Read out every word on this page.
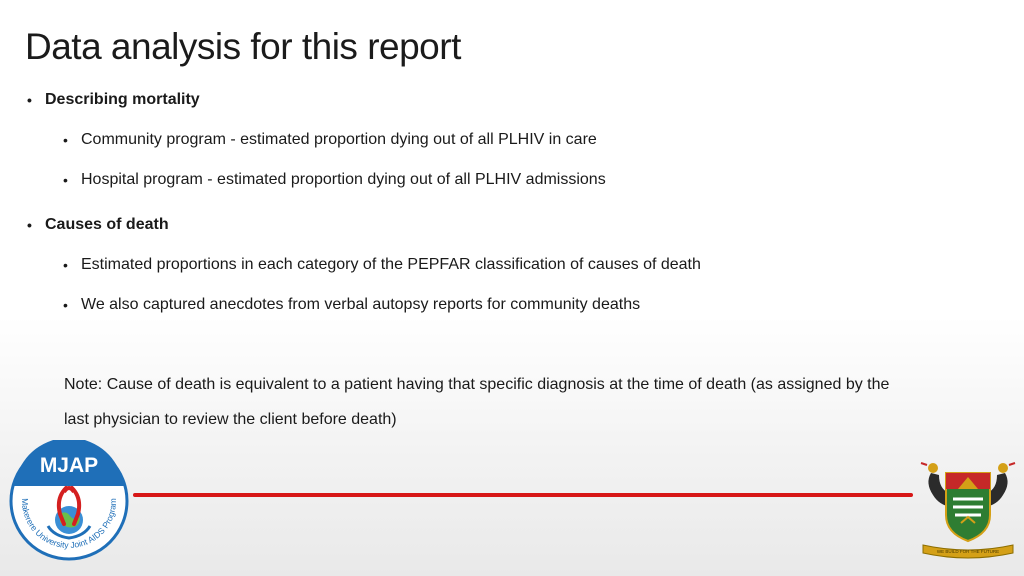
Data analysis for this report
• Describing mortality
• Community program - estimated proportion dying out of all PLHIV in care
• Hospital program - estimated proportion dying out of all PLHIV admissions
• Causes of death
• Estimated proportions in each category of the PEPFAR classification of causes of death
• We also captured anecdotes from verbal autopsy reports for community deaths
Note: Cause of death is equivalent to a patient having that specific diagnosis at the time of death (as assigned by the
last physician to review the client before death)
MJAP
Makerere University Joint AIDS Program
WE BUILD FOR THE FUTURE
